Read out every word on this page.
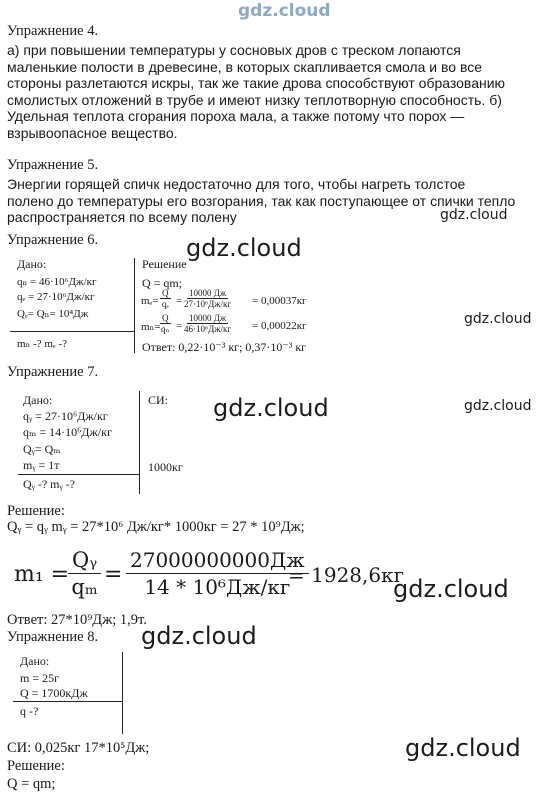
gdz.cloud
gdz.cloud
gdz.cloud
gdz.cloud
gdz.cloud	gdz.cloud
gdz.cloud
gdz.cloud
gdz.cloud
Упражнение 4.
а) при повышении температуры у сосновых дров с треском лопаются
маленькие полости в древесине, в которых скапливается смола и во все
стороны разлетаются искры, так же такие дрова способствуют образованию
смолистых отложений в трубе и имеют низку теплотворную способность. б)
Удельная теплота сгорания пороха мала, а также потому что порох —
взрывоопасное вещество.
Упражнение 5.
Энергии горящей спичк недостаточно для того, чтобы нагреть толстое
полено до температуры его возгорания, так как поступающее от спички тепло
распространяется по всему полену
Упражнение 6.
Дано:
qₙ = 46·10⁶Дж/кг
qₑ = 27·10⁶Дж/кг
Qₑ= Qₙ= 10⁴Дж
mₙ -? mₑ -?
Решение
Q = qm;
$m_e= \frac{Q}{\text{qₑ}}$ =
10000 Дж
27·10⁶Дж/кг = 0,00037кг
$m_n= \frac{Q}{\text{qₙ}}$ =
10000 Дж
46·10⁶Дж/кг = 0,00022кг
Ответ: 0,22·10⁻³ кг; 0,37·10⁻³ кг
Упражнение 7.
Дано:
qᵧ = 27·10⁶Дж/кг
qₘ = 14·10⁶Дж/кг
Qᵧ= Qₘ
mᵧ = 1т
Qᵧ -? mᵧ -?
СИ:
1000кг
Решение:
Qᵧ = qᵧ mᵧ = 27*10⁶ Дж/кг* 1000кг = 27 * 10⁹Дж;
m₁ =
$\frac{\text{Qᵧ}}{\text{qₘ}}$ =
27000000000Дж
14 * 10⁶Дж/кг
= 1928,6кг
Ответ: 27*10⁹Дж; 1,9т.
Упражнение 8.
Дано:
m = 25г
Q = 1700кДж
q -?
СИ: 0,025кг 17*10⁵Дж;
Решение:
Q = qm;
